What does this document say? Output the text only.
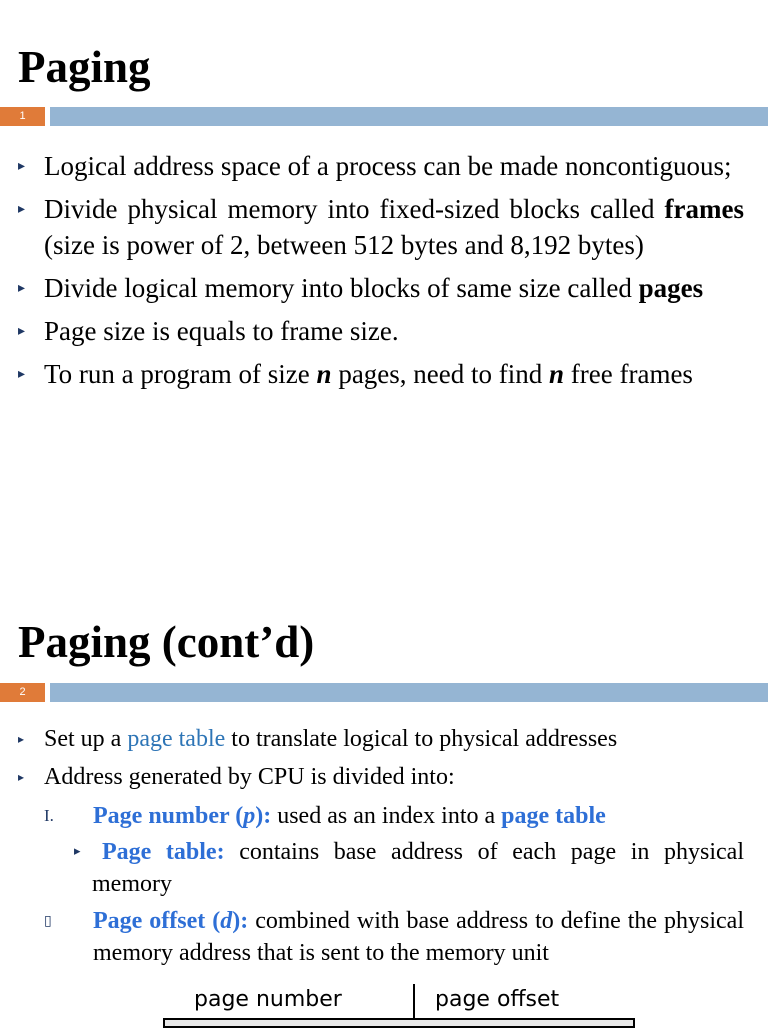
Paging
1
▸ Logical address space of a process can be made noncontiguous;
▸ Divide physical memory into fixed-sized blocks called frames (size is power of 2, between 512 bytes and 8,192 bytes)
▸ Divide logical memory into blocks of same size called pages
▸ Page size is equals to frame size.
▸ To run a program of size n pages, need to find n free frames
Paging (cont’d)
2
▸ Set up a page table to translate logical to physical addresses
▸ Address generated by CPU is divided into:
I. Page number (p): used as an index into a page table
▸ Page table: contains base address of each page in physical memory
▯ Page offset (d): combined with base address to define the physical memory address that is sent to the memory unit
page number	page offset
